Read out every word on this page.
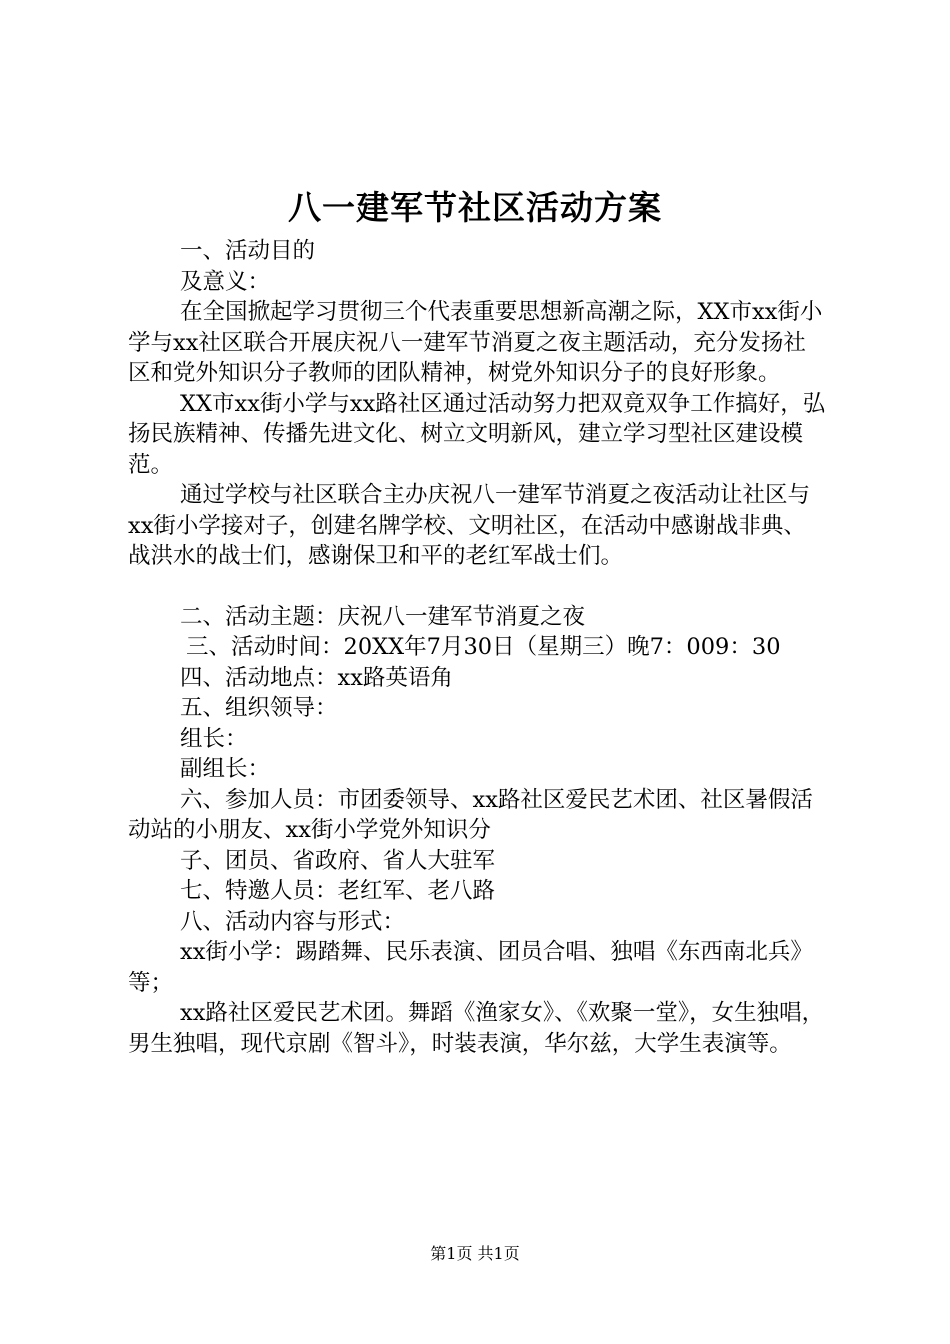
八一建军节社区活动方案

一、活动目的

及意义：

在全国掀起学习贯彻三个代表重要思想新高潮之际，XX市xx街小学与xx社区联合开展庆祝八一建军节消夏之夜主题活动，充分发扬社区和党外知识分子教师的团队精神，树党外知识分子的良好形象。

XX市xx街小学与xx路社区通过活动努力把双竟双争工作搞好，弘扬民族精神、传播先进文化、树立文明新风，建立学习型社区建设模范。

通过学校与社区联合主办庆祝八一建军节消夏之夜活动让社区与xx街小学接对子，创建名牌学校、文明社区，在活动中感谢战非典、战洪水的战士们，感谢保卫和平的老红军战士们。

二、活动主题：庆祝八一建军节消夏之夜

三、活动时间：20XX年7月30日（星期三）晚7：009：30

四、活动地点：xx路英语角

五、组织领导：

组长：

副组长：

六、参加人员：市团委领导、xx路社区爱民艺术团、社区暑假活动站的小朋友、xx街小学党外知识分

子、团员、省政府、省人大驻军

七、特邀人员：老红军、老八路

八、活动内容与形式：

xx街小学：踢踏舞、民乐表演、团员合唱、独唱《东西南北兵》等；

xx路社区爱民艺术团。舞蹈《渔家女》、《欢聚一堂》，女生独唱，男生独唱，现代京剧《智斗》，时装表演，华尔兹，大学生表演等。

第1页 共1页
